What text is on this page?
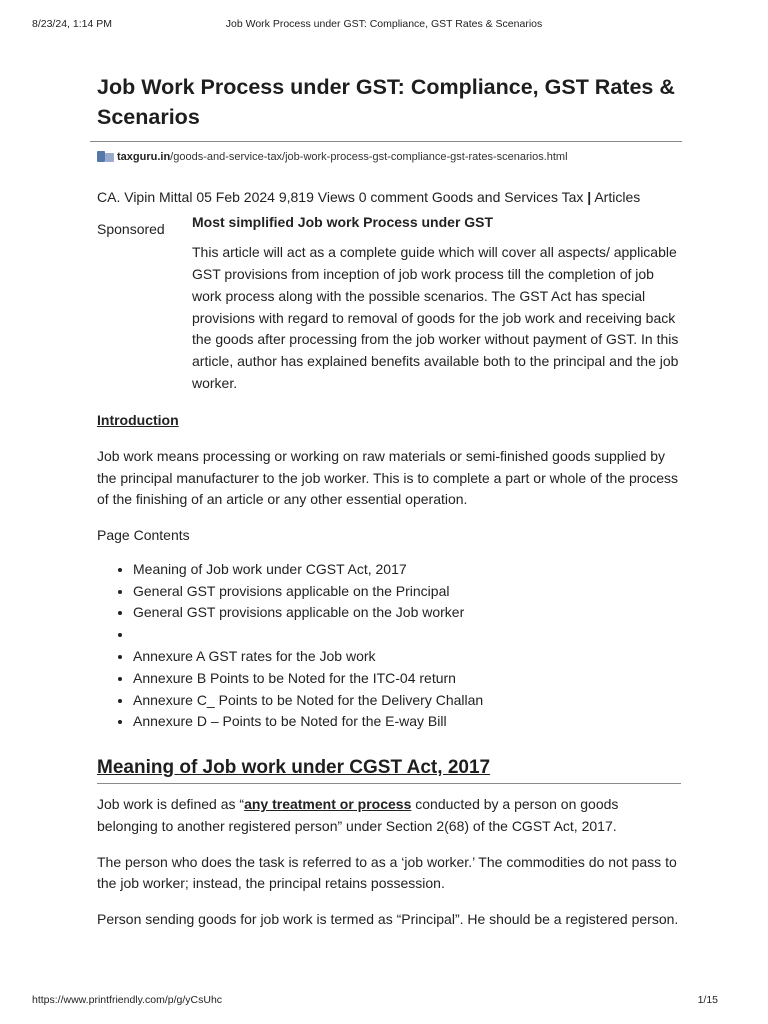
8/23/24, 1:14 PM	Job Work Process under GST: Compliance, GST Rates & Scenarios
Job Work Process under GST: Compliance, GST Rates & Scenarios
taxguru.in/goods-and-service-tax/job-work-process-gst-compliance-gst-rates-scenarios.html

CA. Vipin Mittal 05 Feb 2024 9,819 Views 0 comment Goods and Services Tax | Articles

Sponsored	Most simplified Job work Process under GST

This article will act as a complete guide which will cover all aspects/ applicable GST provisions from inception of job work process till the completion of job work process along with the possible scenarios. The GST Act has special provisions with regard to removal of goods for the job work and receiving back the goods after processing from the job worker without payment of GST. In this article, author has explained benefits available both to the principal and the job worker.

Introduction

Job work means processing or working on raw materials or semi-finished goods supplied by the principal manufacturer to the job worker. This is to complete a part or whole of the process of the finishing of an article or any other essential operation.

Page Contents

• Meaning of Job work under CGST Act, 2017
• General GST provisions applicable on the Principal
• General GST provisions applicable on the Job worker
•
• Annexure A GST rates for the Job work
• Annexure B Points to be Noted for the ITC-04 return
• Annexure C_ Points to be Noted for the Delivery Challan
• Annexure D – Points to be Noted for the E-way Bill
Meaning of Job work under CGST Act, 2017

Job work is defined as “any treatment or process conducted by a person on goods belonging to another registered person” under Section 2(68) of the CGST Act, 2017.

The person who does the task is referred to as a ‘job worker.’ The commodities do not pass to the job worker; instead, the principal retains possession.

Person sending goods for job work is termed as “Principal”. He should be a registered person.

https://www.printfriendly.com/p/g/yCsUhc	1/15
